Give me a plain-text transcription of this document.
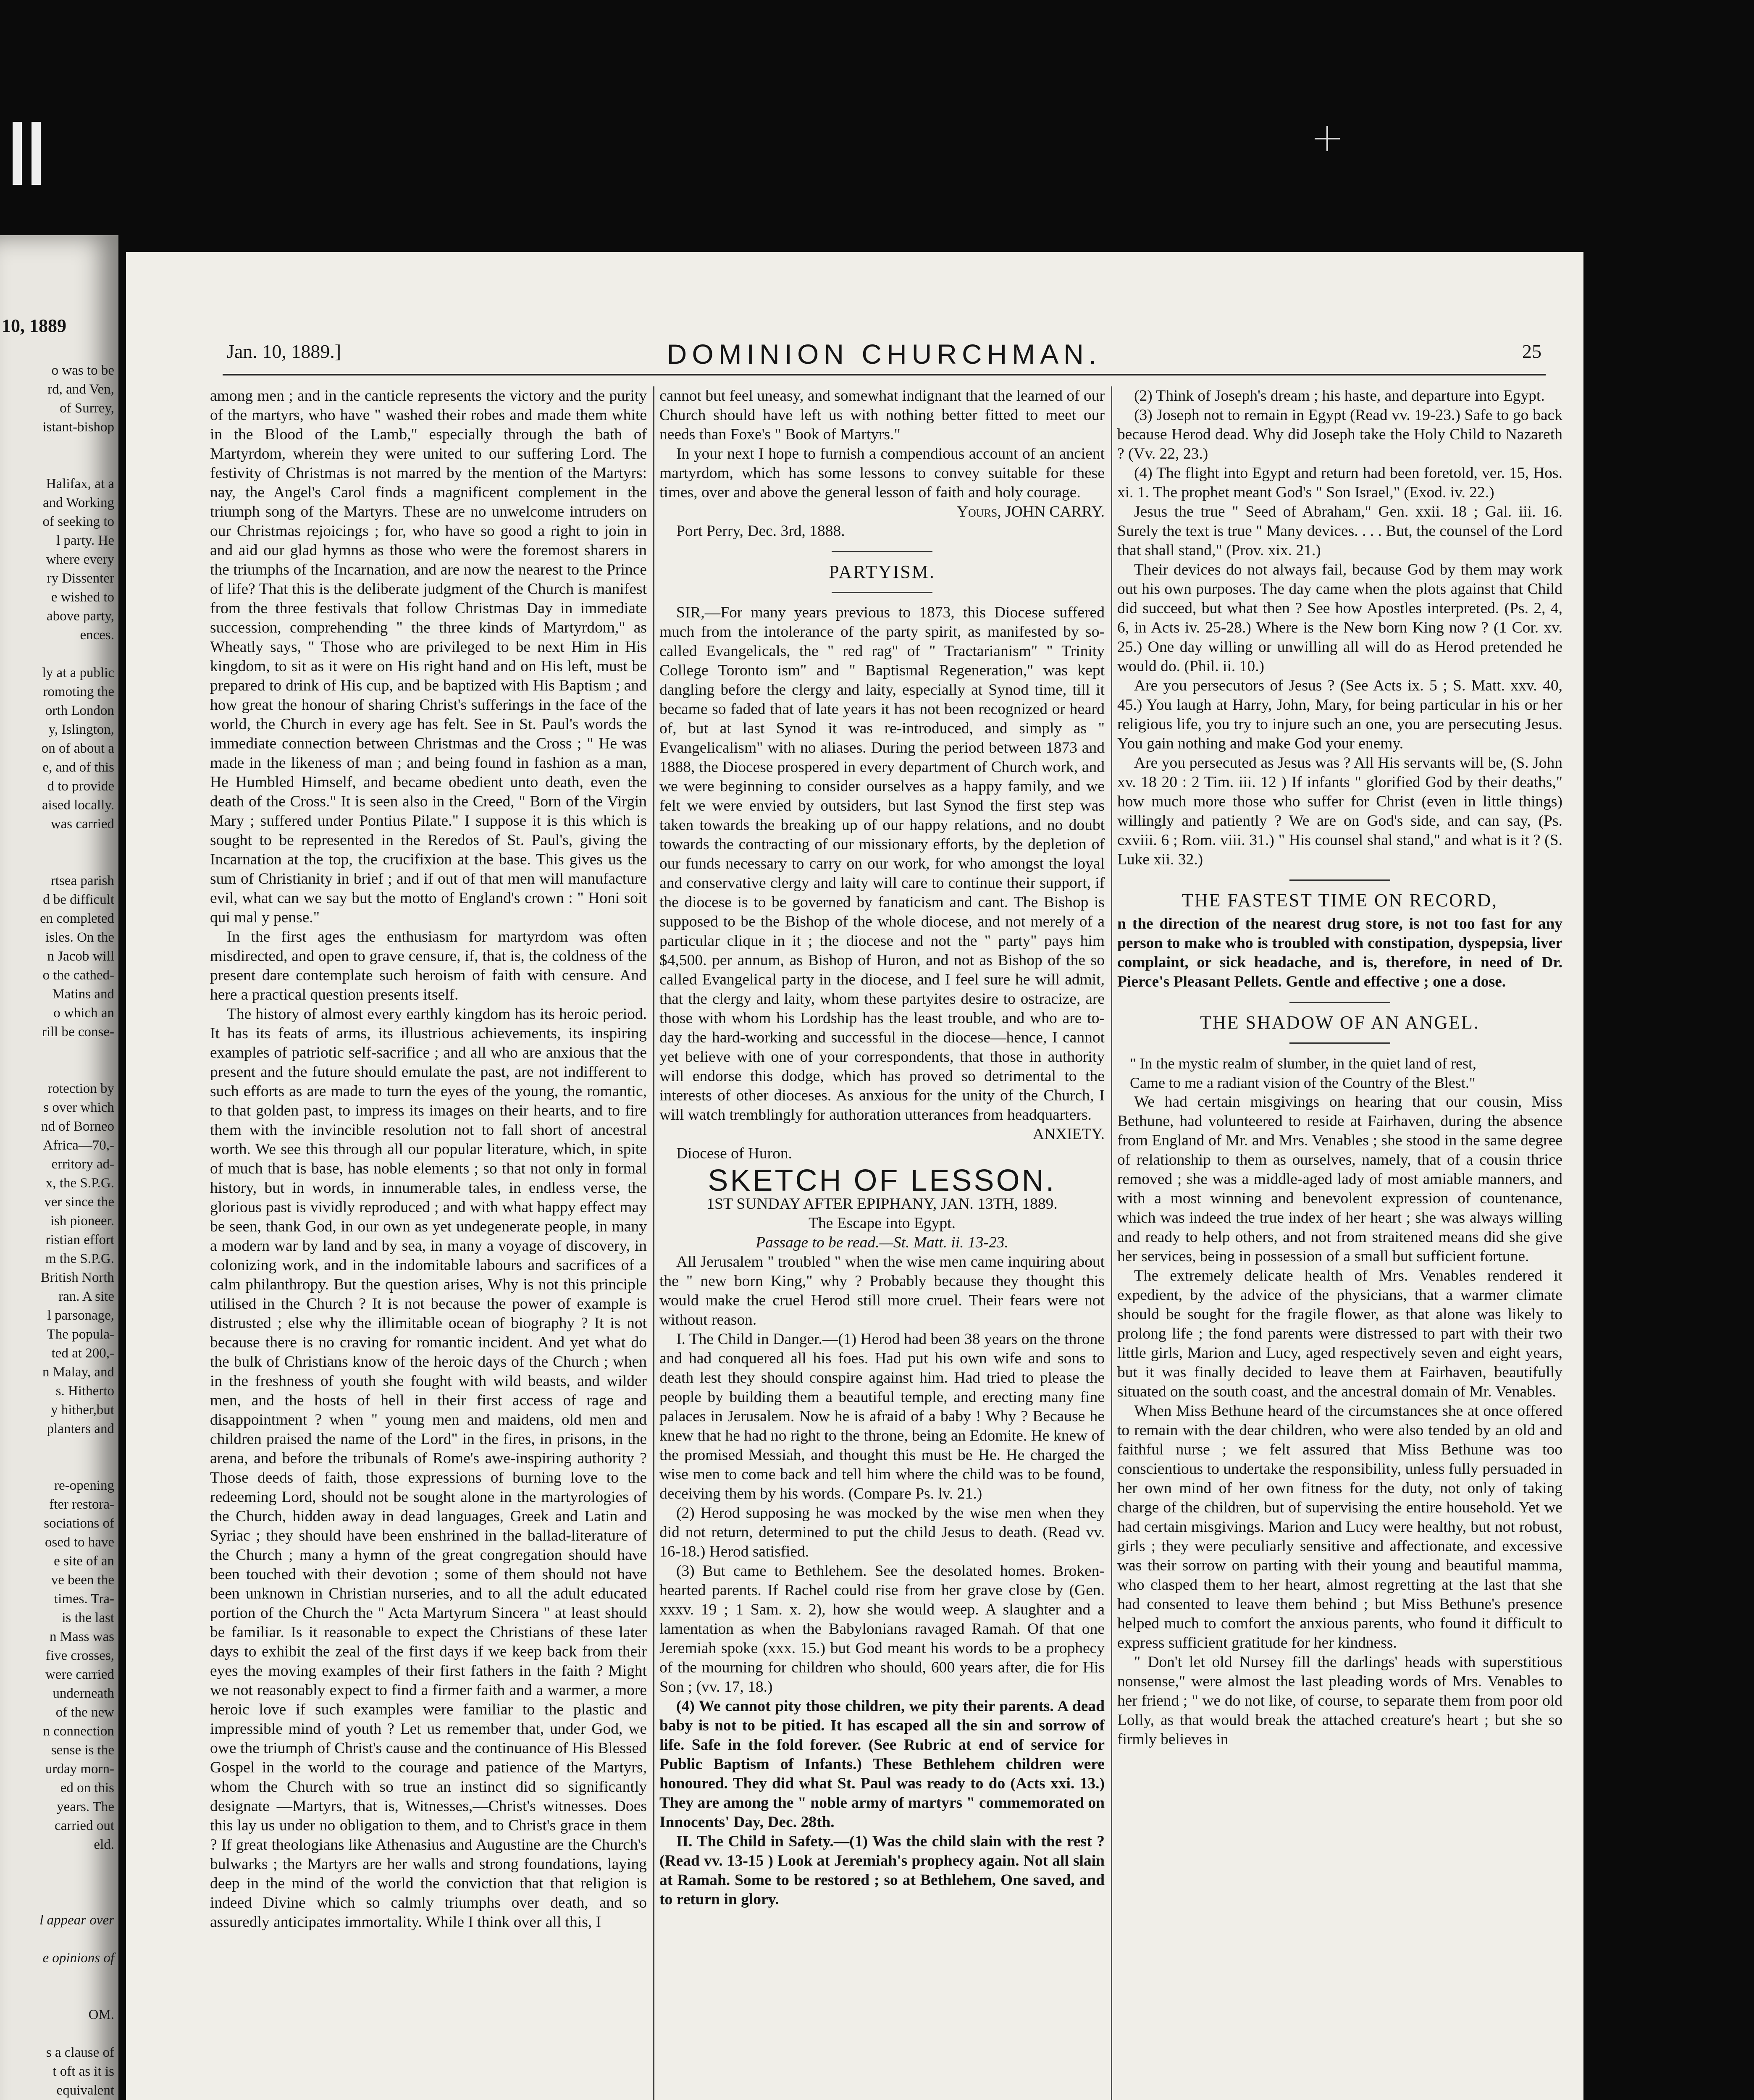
10, 1889
o was to be
rd, and Ven,
of Surrey,
istant-bishop

Halifax, at a
and Working
of seeking to
l party. He
where every
ry Dissenter
e wished to
above party,
ences.

ly at a public
romoting the
orth London
y, Islington,
on of about a
e, and of this
d to provide
aised locally.
was carried

rtsea parish
d be difficult
en completed
isles. On the
n Jacob will
o the cathed-
Matins and
o which an
rill be conse-

rotection by
s over which
nd of Borneo
Africa—70,-
erritory ad-
x, the S.P.G.
ver since the
ish pioneer.
ristian effort
m the S.P.G.
British North
ran. A site
l parsonage,
The popula-
ted at 200,-
n Malay, and
s. Hitherto
y hither,but
planters and

re-opening
fter restora-
sociations of
osed to have
e site of an
ve been the
times. Tra-
is the last
n Mass was
five crosses,
were carried
underneath
of the new
n connection
sense is the
urday morn-
ed on this
years. The
carried out
eld.

l appear over

e opinions of

OM.

s a clause of
t oft as it is
equivalent
Jan. 10, 1889.]	DOMINION CHURCHMAN.	25

among men ; and in the canticle represents the victory and the purity of the martyrs, who have " washed their robes and made them white in the Blood of the Lamb," especially through the bath of Martyrdom, wherein they were united to our suffering Lord. The festivity of Christmas is not marred by the mention of the Martyrs: nay, the Angel's Carol finds a magnificent complement in the triumph song of the Martyrs. These are no unwelcome intruders on our Christmas rejoicings ; for, who have so good a right to join in and aid our glad hymns as those who were the foremost sharers in the triumphs of the Incarnation, and are now the nearest to the Prince of life? That this is the deliberate judgment of the Church is manifest from the three festivals that follow Christmas Day in immediate succession, comprehending " the three kinds of Martyrdom," as Wheatly says, " Those who are privileged to be next Him in His kingdom, to sit as it were on His right hand and on His left, must be prepared to drink of His cup, and be baptized with His Baptism ; and how great the honour of sharing Christ's sufferings in the face of the world, the Church in every age has felt. See in St. Paul's words the immediate connection between Christmas and the Cross ; " He was made in the likeness of man ; and being found in fashion as a man, He Humbled Himself, and became obedient unto death, even the death of the Cross." It is seen also in the Creed, " Born of the Virgin Mary ; suffered under Pontius Pilate." I suppose it is this which is sought to be represented in the Reredos of St. Paul's, giving the Incarnation at the top, the crucifixion at the base. This gives us the sum of Christianity in brief ; and if out of that men will manufacture evil, what can we say but the motto of England's crown : " Honi soit qui mal y pense."

In the first ages the enthusiasm for martyrdom was often misdirected, and open to grave censure, if, that is, the coldness of the present dare contemplate such heroism of faith with censure. And here a practical question presents itself.

The history of almost every earthly kingdom has its heroic period. It has its feats of arms, its illustrious achievements, its inspiring examples of patriotic self-sacrifice ; and all who are anxious that the present and the future should emulate the past, are not indifferent to such efforts as are made to turn the eyes of the young, the romantic, to that golden past, to impress its images on their hearts, and to fire them with the invincible resolution not to fall short of ancestral worth. We see this through all our popular literature, which, in spite of much that is base, has noble elements ; so that not only in formal history, but in words, in innumerable tales, in endless verse, the glorious past is vividly reproduced ; and with what happy effect may be seen, thank God, in our own as yet undegenerate people, in many a modern war by land and by sea, in many a voyage of discovery, in colonizing work, and in the indomitable labours and sacrifices of a calm philanthropy. But the question arises, Why is not this principle utilised in the Church ? It is not because the power of example is distrusted ; else why the illimitable ocean of biography ? It is not because there is no craving for romantic incident. And yet what do the bulk of Christians know of the heroic days of the Church ; when in the freshness of youth she fought with wild beasts, and wilder men, and the hosts of hell in their first access of rage and disappointment ? when " young men and maidens, old men and children praised the name of the Lord" in the fires, in prisons, in the arena, and before the tribunals of Rome's awe-inspiring authority ? Those deeds of faith, those expressions of burning love to the redeeming Lord, should not be sought alone in the martyrologies of the Church, hidden away in dead languages, Greek and Latin and Syriac ; they should have been enshrined in the ballad-literature of the Church ; many a hymn of the great congregation should have been touched with their devotion ; some of them should not have been unknown in Christian nurseries, and to all the adult educated portion of the Church the " Acta Martyrum Sincera " at least should be familiar. Is it reasonable to expect the Christians of these later days to exhibit the zeal of the first days if we keep back from their eyes the moving examples of their first fathers in the faith ? Might we not reasonably expect to find a firmer faith and a warmer, a more heroic love if such examples were familiar to the plastic and impressible mind of youth ? Let us remember that, under God, we owe the triumph of Christ's cause and the continuance of His Blessed Gospel in the world to the courage and patience of the Martyrs, whom the Church with so true an instinct did so significantly designate —Martyrs, that is, Witnesses,—Christ's witnesses. Does this lay us under no obligation to them, and to Christ's grace in them ? If great theologians like Athenasius and Augustine are the Church's bulwarks ; the Martyrs are her walls and strong foundations, laying deep in the mind of the world the conviction that that religion is indeed Divine which so calmly triumphs over death, and so assuredly anticipates immortality. While I think over all this, I

cannot but feel uneasy, and somewhat indignant that the learned of our Church should have left us with nothing better fitted to meet our needs than Foxe's " Book of Martyrs."

In your next I hope to furnish a compendious account of an ancient martyrdom, which has some lessons to convey suitable for these times, over and above the general lesson of faith and holy courage.

Yours, JOHN CARRY.

Port Perry, Dec. 3rd, 1888.

PARTYISM.

SIR,—For many years previous to 1873, this Diocese suffered much from the intolerance of the party spirit, as manifested by so-called Evangelicals, the " red rag" of " Tractarianism" " Trinity College Toronto ism" and " Baptismal Regeneration," was kept dangling before the clergy and laity, especially at Synod time, till it became so faded that of late years it has not been recognized or heard of, but at last Synod it was re-introduced, and simply as " Evangelicalism" with no aliases. During the period between 1873 and 1888, the Diocese prospered in every department of Church work, and we were beginning to consider ourselves as a happy family, and we felt we were envied by outsiders, but last Synod the first step was taken towards the breaking up of our happy relations, and no doubt towards the contracting of our missionary efforts, by the depletion of our funds necessary to carry on our work, for who amongst the loyal and conservative clergy and laity will care to continue their support, if the diocese is to be governed by fanaticism and cant. The Bishop is supposed to be the Bishop of the whole diocese, and not merely of a particular clique in it ; the diocese and not the " party" pays him $4,500. per annum, as Bishop of Huron, and not as Bishop of the so called Evangelical party in the diocese, and I feel sure he will admit, that the clergy and laity, whom these partyites desire to ostracize, are those with whom his Lordship has the least trouble, and who are to-day the hard-working and successful in the diocese—hence, I cannot yet believe with one of your correspondents, that those in authority will endorse this dodge, which has proved so detrimental to the interests of other dioceses. As anxious for the unity of the Church, I will watch tremblingly for authoration utterances from headquarters.

ANXIETY.

Diocese of Huron.

SKETCH OF LESSON.

1ST SUNDAY AFTER EPIPHANY, JAN. 13TH, 1889.

The Escape into Egypt.

Passage to be read.—St. Matt. ii. 13-23.

All Jerusalem " troubled " when the wise men came inquiring about the " new born King," why ? Probably because they thought this would make the cruel Herod still more cruel. Their fears were not without reason.

I. The Child in Danger.—(1) Herod had been 38 years on the throne and had conquered all his foes. Had put his own wife and sons to death lest they should conspire against him. Had tried to please the people by building them a beautiful temple, and erecting many fine palaces in Jerusalem. Now he is afraid of a baby ! Why ? Because he knew that he had no right to the throne, being an Edomite. He knew of the promised Messiah, and thought this must be He. He charged the wise men to come back and tell him where the child was to be found, deceiving them by his words. (Compare Ps. lv. 21.)

(2) Herod supposing he was mocked by the wise men when they did not return, determined to put the child Jesus to death. (Read vv. 16-18.) Herod satisfied.

(3) But came to Bethlehem. See the desolated homes. Broken-hearted parents. If Rachel could rise from her grave close by (Gen. xxxv. 19 ; 1 Sam. x. 2), how she would weep. A slaughter and a lamentation as when the Babylonians ravaged Ramah. Of that one Jeremiah spoke (xxx. 15.) but God meant his words to be a prophecy of the mourning for children who should, 600 years after, die for His Son ; (vv. 17, 18.)

(4) We cannot pity those children, we pity their parents. A dead baby is not to be pitied. It has escaped all the sin and sorrow of life. Safe in the fold forever. (See Rubric at end of service for Public Baptism of Infants.) These Bethlehem children were honoured. They did what St. Paul was ready to do (Acts xxi. 13.) They are among the " noble army of martyrs " commemorated on Innocents' Day, Dec. 28th.

II. The Child in Safety.—(1) Was the child slain with the rest ? (Read vv. 13-15 ) Look at Jeremiah's prophecy again. Not all slain at Ramah. Some to be restored ; so at Bethlehem, One saved, and to return in glory.

(2) Think of Joseph's dream ; his haste, and departure into Egypt.

(3) Joseph not to remain in Egypt (Read vv. 19-23.) Safe to go back because Herod dead. Why did Joseph take the Holy Child to Nazareth ? (Vv. 22, 23.)

(4) The flight into Egypt and return had been foretold, ver. 15, Hos. xi. 1. The prophet meant God's " Son Israel," (Exod. iv. 22.)

Jesus the true " Seed of Abraham," Gen. xxii. 18 ; Gal. iii. 16. Surely the text is true " Many devices. . . . But, the counsel of the Lord that shall stand," (Prov. xix. 21.)

Their devices do not always fail, because God by them may work out his own purposes. The day came when the plots against that Child did succeed, but what then ? See how Apostles interpreted. (Ps. 2, 4, 6, in Acts iv. 25-28.) Where is the New born King now ? (1 Cor. xv. 25.) One day willing or unwilling all will do as Herod pretended he would do. (Phil. ii. 10.)

Are you persecutors of Jesus ? (See Acts ix. 5 ; S. Matt. xxv. 40, 45.) You laugh at Harry, John, Mary, for being particular in his or her religious life, you try to injure such an one, you are persecuting Jesus. You gain nothing and make God your enemy.

Are you persecuted as Jesus was ? All His servants will be, (S. John xv. 18 20 : 2 Tim. iii. 12 ) If infants " glorified God by their deaths," how much more those who suffer for Christ (even in little things) willingly and patiently ? We are on God's side, and can say, (Ps. cxviii. 6 ; Rom. viii. 31.) " His counsel shal stand," and what is it ? (S. Luke xii. 32.)

THE FASTEST TIME ON RECORD,

n the direction of the nearest drug store, is not too fast for any person to make who is troubled with constipation, dyspepsia, liver complaint, or sick headache, and is, therefore, in need of Dr. Pierce's Pleasant Pellets. Gentle and effective ; one a dose.

THE SHADOW OF AN ANGEL.

" In the mystic realm of slumber, in the quiet land of rest,

Came to me a radiant vision of the Country of the Blest."

We had certain misgivings on hearing that our cousin, Miss Bethune, had volunteered to reside at Fairhaven, during the absence from England of Mr. and Mrs. Venables ; she stood in the same degree of relationship to them as ourselves, namely, that of a cousin thrice removed ; she was a middle-aged lady of most amiable manners, and with a most winning and benevolent expression of countenance, which was indeed the true index of her heart ; she was always willing and ready to help others, and not from straitened means did she give her services, being in possession of a small but sufficient fortune.

The extremely delicate health of Mrs. Venables rendered it expedient, by the advice of the physicians, that a warmer climate should be sought for the fragile flower, as that alone was likely to prolong life ; the fond parents were distressed to part with their two little girls, Marion and Lucy, aged respectively seven and eight years, but it was finally decided to leave them at Fairhaven, beautifully situated on the south coast, and the ancestral domain of Mr. Venables.

When Miss Bethune heard of the circumstances she at once offered to remain with the dear children, who were also tended by an old and faithful nurse ; we felt assured that Miss Bethune was too conscientious to undertake the responsibility, unless fully persuaded in her own mind of her own fitness for the duty, not only of taking charge of the children, but of supervising the entire household. Yet we had certain misgivings. Marion and Lucy were healthy, but not robust, girls ; they were peculiarly sensitive and affectionate, and excessive was their sorrow on parting with their young and beautiful mamma, who clasped them to her heart, almost regretting at the last that she had consented to leave them behind ; but Miss Bethune's presence helped much to comfort the anxious parents, who found it difficult to express sufficient gratitude for her kindness.

" Don't let old Nursey fill the darlings' heads with superstitious nonsense," were almost the last pleading words of Mrs. Venables to her friend ; " we do not like, of course, to separate them from poor old Lolly, as that would break the attached creature's heart ; but she so firmly believes in
